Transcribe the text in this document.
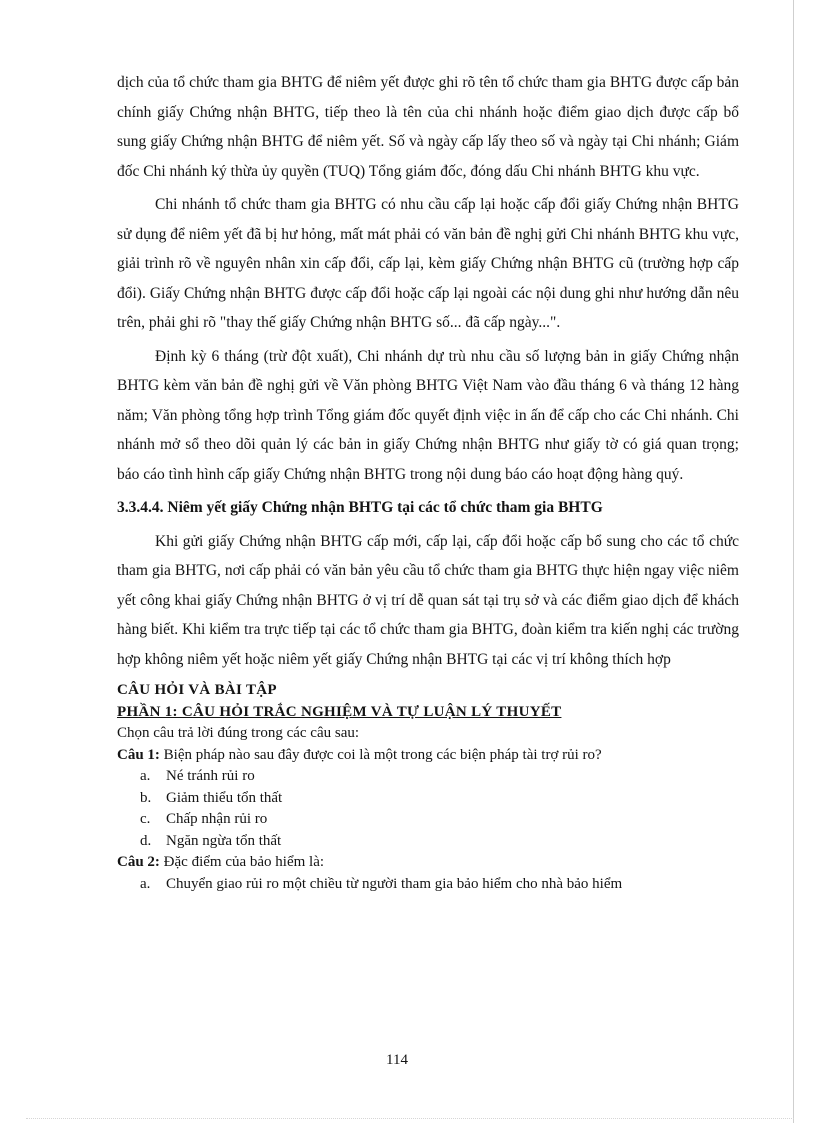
dịch của tổ chức tham gia BHTG để niêm yết được ghi rõ tên tổ chức tham gia BHTG được cấp bản chính giấy Chứng nhận BHTG, tiếp theo là tên của chi nhánh hoặc điểm giao dịch được cấp bổ sung giấy Chứng nhận BHTG để niêm yết. Số và ngày cấp lấy theo số và ngày tại Chi nhánh; Giám đốc Chi nhánh ký thừa ủy quyền (TUQ) Tổng giám đốc, đóng dấu Chi nhánh BHTG khu vực.

Chi nhánh tổ chức tham gia BHTG có nhu cầu cấp lại hoặc cấp đổi giấy Chứng nhận BHTG sử dụng để niêm yết đã bị hư hỏng, mất mát phải có văn bản đề nghị gửi Chi nhánh BHTG khu vực, giải trình rõ về nguyên nhân xin cấp đổi, cấp lại, kèm giấy Chứng nhận BHTG cũ (trường hợp cấp đổi). Giấy Chứng nhận BHTG được cấp đổi hoặc cấp lại ngoài các nội dung ghi như hướng dẫn nêu trên, phải ghi rõ "thay thế giấy Chứng nhận BHTG số... đã cấp ngày...".

Định kỳ 6 tháng (trừ đột xuất), Chi nhánh dự trù nhu cầu số lượng bản in giấy Chứng nhận BHTG kèm văn bản đề nghị gửi về Văn phòng BHTG Việt Nam vào đầu tháng 6 và tháng 12 hàng năm; Văn phòng tổng hợp trình Tổng giám đốc quyết định việc in ấn để cấp cho các Chi nhánh. Chi nhánh mở sổ theo dõi quản lý các bản in giấy Chứng nhận BHTG như giấy tờ có giá quan trọng; báo cáo tình hình cấp giấy Chứng nhận BHTG trong nội dung báo cáo hoạt động hàng quý.

3.3.4.4. Niêm yết giấy Chứng nhận BHTG tại các tổ chức tham gia BHTG

Khi gửi giấy Chứng nhận BHTG cấp mới, cấp lại, cấp đổi hoặc cấp bổ sung cho các tổ chức tham gia BHTG, nơi cấp phải có văn bản yêu cầu tổ chức tham gia BHTG thực hiện ngay việc niêm yết công khai giấy Chứng nhận BHTG ở vị trí dễ quan sát tại trụ sở và các điểm giao dịch để khách hàng biết. Khi kiểm tra trực tiếp tại các tổ chức tham gia BHTG, đoàn kiểm tra kiến nghị các trường hợp không niêm yết hoặc niêm yết giấy Chứng nhận BHTG tại các vị trí không thích hợp

CÂU HỎI VÀ BÀI TẬP
PHẦN 1: CÂU HỎI TRẮC NGHIỆM VÀ TỰ LUẬN LÝ THUYẾT
Chọn câu trả lời đúng trong các câu sau:
Câu 1: Biện pháp nào sau đây được coi là một trong các biện pháp tài trợ rủi ro?
a.	Né tránh rủi ro
b. Giảm thiểu tổn thất
c.	Chấp nhận rủi ro
d. Ngăn ngừa tổn thất
Câu 2: Đặc điểm của bảo hiểm là:
a.	Chuyển giao rủi ro một chiều từ người tham gia bảo hiểm cho nhà bảo hiểm
114
